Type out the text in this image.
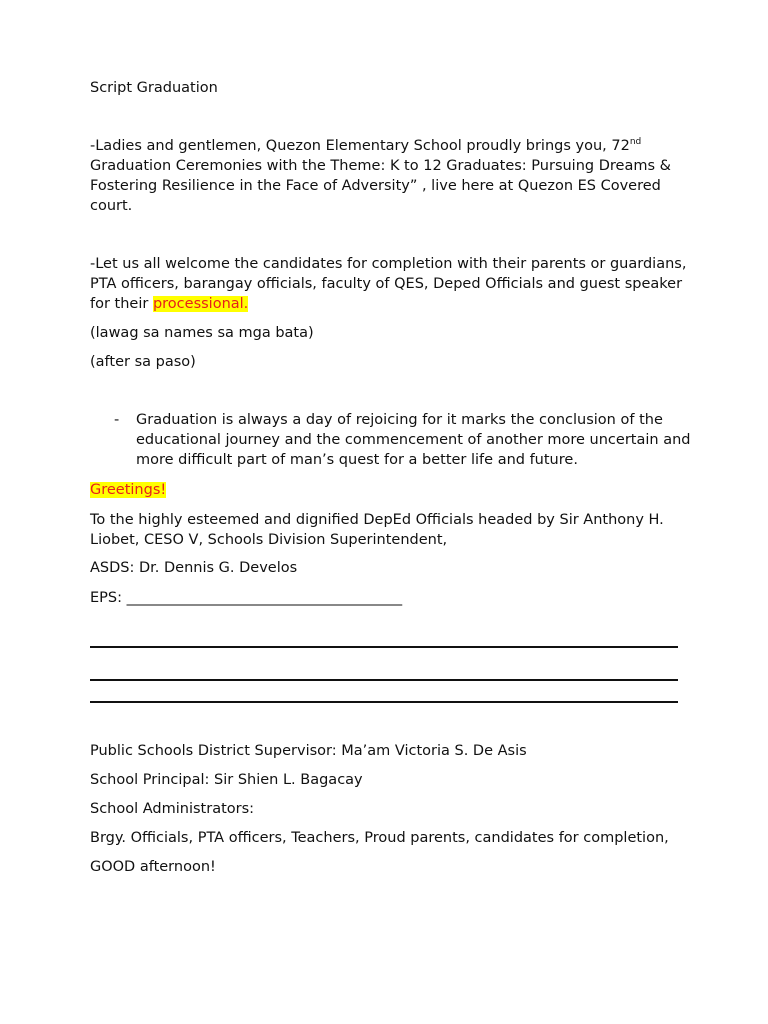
Script Graduation

-Ladies and gentlemen, Quezon Elementary School proudly brings you, 72nd Graduation Ceremonies with the Theme: K to 12 Graduates: Pursuing Dreams & Fostering Resilience in the Face of Adversity” , live here at Quezon ES Covered court.

-Let us all welcome the candidates for completion with their parents or guardians, PTA officers, barangay officials, faculty of QES, Deped Officials and guest speaker for their processional.

(lawag sa names sa mga bata)

(after sa paso)

- Graduation is always a day of rejoicing for it marks the conclusion of the educational journey and the commencement of another more uncertain and more difficult part of man’s quest for a better life and future.

Greetings!

To the highly esteemed and dignified DepEd Officials headed by Sir Anthony H. Liobet, CESO V, Schools Division Superintendent,

ASDS: Dr. Dennis G. Develos

EPS: ______________________________________

Public Schools District Supervisor: Ma’am Victoria S. De Asis

School Principal: Sir Shien L. Bagacay

School Administrators:

Brgy. Officials, PTA officers, Teachers, Proud parents, candidates for completion,

GOOD afternoon!
